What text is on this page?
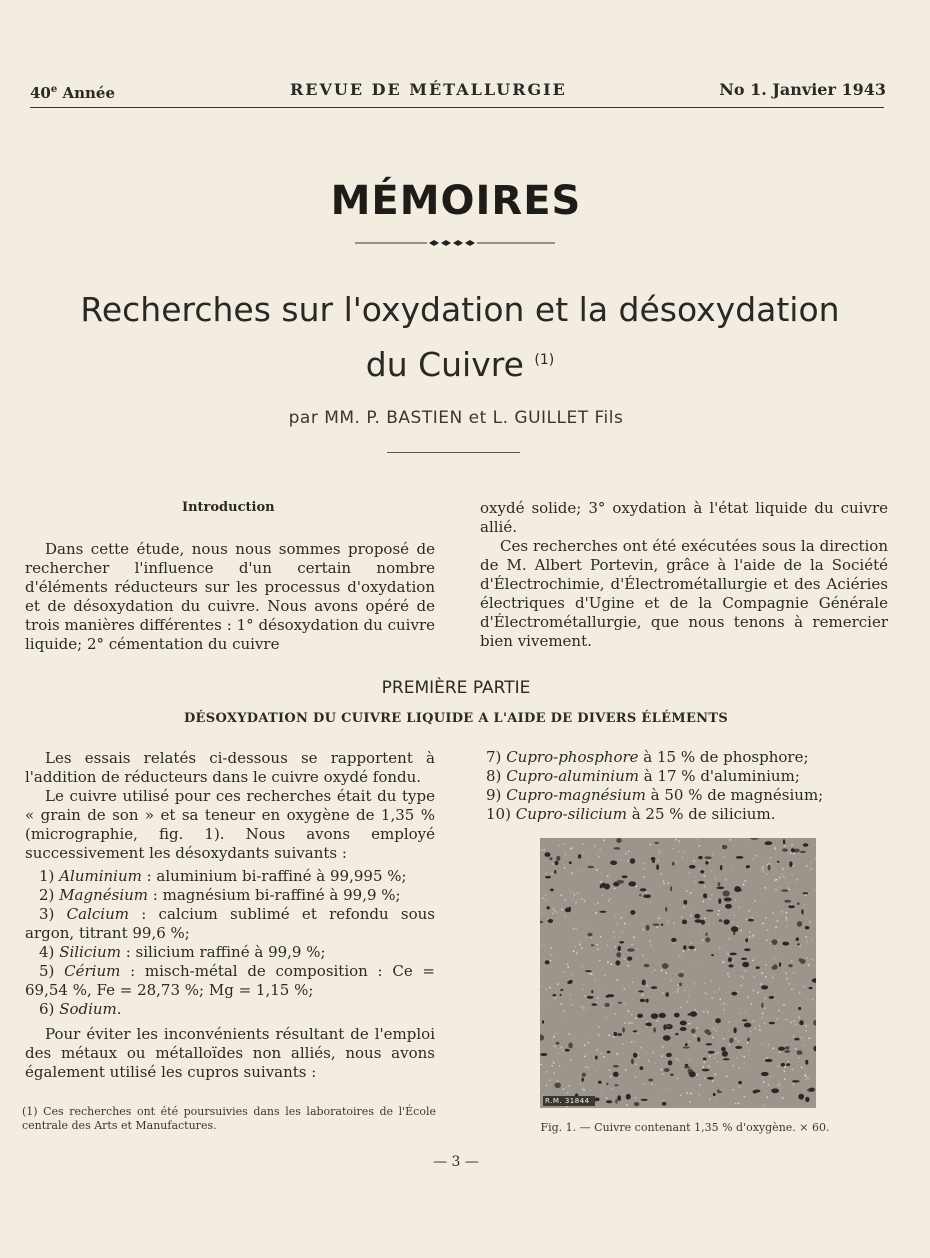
40e Année	REVUE DE MÉTALLURGIE	No 1. Janvier 1943
MÉMOIRES
Recherches sur l'oxydation et la désoxydation
du Cuivre $^{(1)}$
par MM. P. BASTIEN et L. GUILLET Fils
Introduction

Dans cette étude, nous nous sommes proposé de rechercher l'influence d'un certain nombre d'éléments réducteurs sur les processus d'oxydation et de désoxydation du cuivre. Nous avons opéré de trois manières différentes : 1° désoxydation du cuivre liquide; 2° cémentation du cuivre

oxydé solide; 3° oxydation à l'état liquide du cuivre allié.

Ces recherches ont été exécutées sous la direction de M. Albert Portevin, grâce à l'aide de la Société d'Électrochimie, d'Électrométallurgie et des Aciéries électriques d'Ugine et de la Compagnie Générale d'Électrométallurgie, que nous tenons à remercier bien vivement.

PREMIÈRE PARTIE
DÉSOXYDATION DU CUIVRE LIQUIDE A L'AIDE DE DIVERS ÉLÉMENTS

Les essais relatés ci-dessous se rapportent à l'addition de réducteurs dans le cuivre oxydé fondu.

Le cuivre utilisé pour ces recherches était du type « grain de son » et sa teneur en oxygène de 1,35 % (micrographie, fig. 1). Nous avons employé successivement les désoxydants suivants :

1) Aluminium : aluminium bi-raffiné à 99,995 %;

2) Magnésium : magnésium bi-raffiné à 99,9 %;

3) Calcium : calcium sublimé et refondu sous argon, titrant 99,6 %;

4) Silicium : silicium raffiné à 99,9 %;

5) Cérium : misch-métal de composition : Ce = 69,54 %, Fe = 28,73 %; Mg = 1,15 %;

6) Sodium.

Pour éviter les inconvénients résultant de l'emploi des métaux ou métalloïdes non alliés, nous avons également utilisé les cupros suivants :

7) Cupro-phosphore à 15 % de phosphore;

8) Cupro-aluminium à 17 % d'aluminium;

9) Cupro-magnésium à 50 % de magnésium;

10) Cupro-silicium à 25 % de silicium.

R.M. 31844
Fig. 1. — Cuivre contenant 1,35 % d'oxygène. × 60.
(1) Ces recherches ont été poursuivies dans les laboratoires de l'École centrale des Arts et Manufactures.
— 3 —
